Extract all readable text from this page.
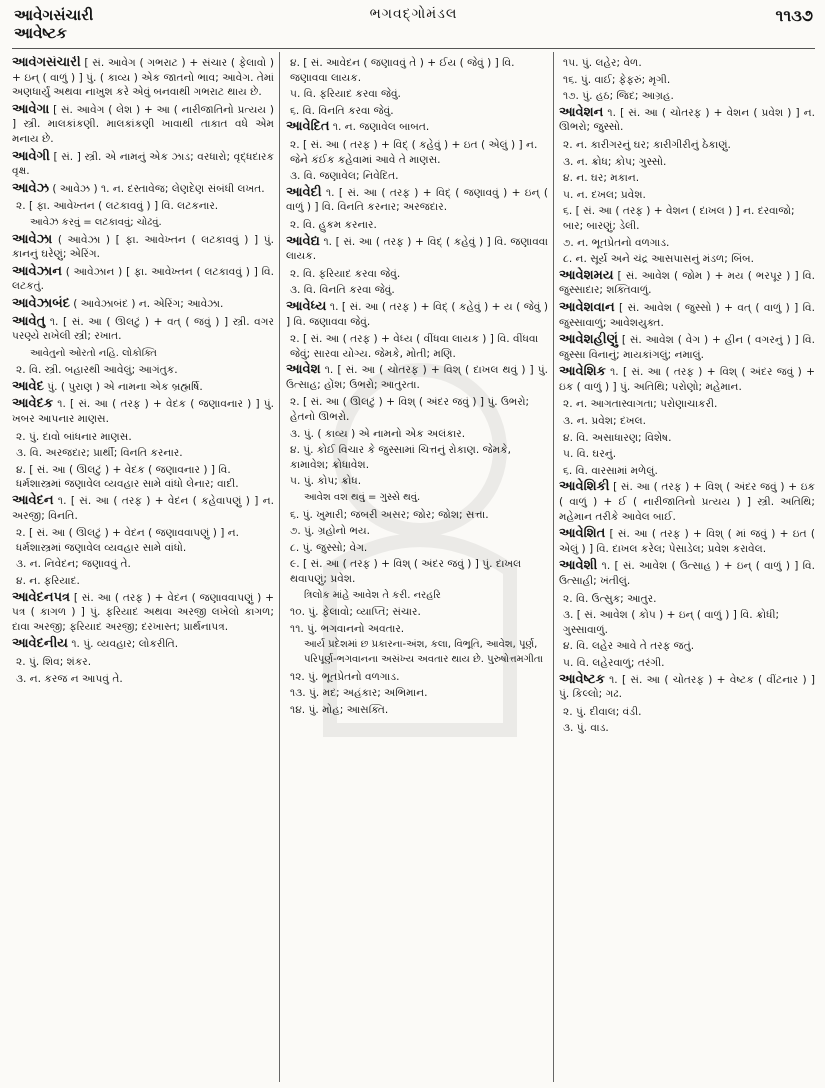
આવેગસંચારી
આવેષ્ટક
ભગવદ્ગોમંડલ	૧૧૩૭
આવેગસંચારી [ સં. આવેગ ( ગભરાટ ) + સંચાર ( ફેલાવો ) + ઇન્ ( વાળું ) ] પું. ( કાવ્ય ) એક જાતનો ભાવ; આવેગ. તેમાં અણધાર્યું અથવા નાખુશ કરે એવું બનવાથી ગભરાટ થાય છે.
આવેગા [ સં. આવેગ ( લેશ ) + આ ( નારીજાતિનો પ્રત્યય ) ] સ્ત્રી. માલકાંકણી. માલકાંકણી ખાવાથી તાકાત વધે એમ મનાય છે.
આવેગી [ સં. ] સ્ત્રી. એ નામનું એક ઝાડ; વરધારો; વૃદ્ધદારક વૃક્ષ.
આવેઝ ( આવેઝ ) ૧. ન. દસ્તાવેજ; લેણદેણ સંબંધી લખત.
૨. [ ફા. આવેખ્તન ( લટકાવવું ) ] વિ. લટકનાર.
આવેઝ કરવું = લટકાવવું; ચોઢવું.
આવેઝા ( આવેઝા ) [ ફા. આવેખ્તન ( લટકાવવું ) ] પું. કાનનું ઘરેણું; એરિંગ.
આવેઝાન ( આવેઝાન ) [ ફા. આવેખ્તન ( લટકાવવું ) ] વિ. લટકતું.
આવેઝાબંદ ( આવેઝાબંદ ) ન. એરિંગ; આવેઝા.
આવેતુ ૧. [ સં. આ ( ઊલટું ) + વત્ ( જવું ) ] સ્ત્રી. વગર પરણ્યે રાખેલી સ્ત્રી; રખાત.
આવેતુનો ઓરતો નહિ. લોકોક્તિ
૨. વિ. સ્ત્રી. બહારથી આવેલું; આગંતુક.
આવેદ પું. ( પુરાણ ) એ નામના એક બ્રહ્મર્ષિ.
આવેદક ૧. [ સં. આ ( તરફ ) + વેદક ( જણાવનાર ) ] પું. ખબર આપનાર માણસ.
૨. પું. દાવો બાંધનાર માણસ.
૩. વિ. અરજદાર; પ્રાર્થી; વિનતિ કરનાર.
૪. [ સં. આ ( ઊલટું ) + વેદક ( જણાવનાર ) ] વિ. ધર્મશાસ્ત્રમાં જણાવેલ વ્યવહાર સામે વાંધો લેનાર; વાદી.
આવેદન ૧. [ સં. આ ( તરફ ) + વેદન ( કહેવાપણું ) ] ન. અરજી; વિનતિ.
૨. [ સં. આ ( ઊલટું ) + વેદન ( જણાવવાપણું ) ] ન. ધર્મશાસ્ત્રમાં જણાવેલ વ્યવહાર સામે વાંધો.
૩. ન. નિવેદન; જણાવવું તે.
૪. ન. ફરિયાદ.
આવેદનપત્ર [ સં. આ ( તરફ ) + વેદન ( જણાવવાપણું ) + પત્ર ( કાગળ ) ] પું. ફરિયાદ અથવા અરજી લખેલો કાગળ; દાવા અરજી; ફરિયાદ અરજી; દરખાસ્ત; પ્રાર્થનાપત્ર.
આવેદનીય ૧. પું. વ્યવહાર; લોકરીતિ.
૨. પું. શિવ; શંકર.
૩. ન. કરજ ન આપવું તે.
૪. [ સં. આવેદન ( જણાવવું તે ) + ઈય ( જેવું ) ] વિ. જણાવવા લાયક.
૫. વિ. ફરિયાદ કરવા જેવું.
૬. વિ. વિનતિ કરવા જેવું.
આવેદિત ૧. ન. જણાવેલ બાબત.
૨. [ સં. આ ( તરફ ) + વિદ્ ( કહેવું ) + ઇત ( એલું ) ] ન. જેને કંઈક કહેવામાં આવે તે માણસ.
૩. વિ. જણાવેલ; નિવેદિત.
આવેદી ૧. [ સં. આ ( તરફ ) + વિદ્ ( જણાવવું ) + ઇન્ ( વાળું ) ] વિ. વિનતિ કરનાર; અરજદાર.
૨. વિ. હુકમ કરનાર.
આવેદ્ય ૧. [ સં. આ ( તરફ ) + વિદ્ ( કહેવું ) ] વિ. જણાવવા લાયક.
૨. વિ. ફરિયાદ કરવા જેવું.
૩. વિ. વિનતિ કરવા જેવું.
આવેધ્ય ૧. [ સં. આ ( તરફ ) + વિદ્ ( કહેવું ) + ય ( જેવું ) ] વિ. જણાવવા જેવું.
૨. [ સં. આ ( તરફ ) + વેધ્ય ( વીંધવા લાયક ) ] વિ. વીંધવા જેવું; સારવા યોગ્ય. જેમકે, મોતી; મણિ.
આવેશ ૧. [ સં. આ ( ચોતરફ ) + વિશ્ ( દાખલ થવું ) ] પું. ઉત્સાહ; હોંશ; ઉભરો; આતુરતા.
૨. [ સં. આ ( ઊલટું ) + વિશ્ ( અંદર જવું ) ] પું. ઉભરો; હેતનો ઊભરો.
૩. પું. ( કાવ્ય ) એ નામનો એક અલંકાર.
૪. પું. કોઈ વિચાર કે જુસ્સામાં ચિત્તનું રોકાણ. જેમકે, કામાવેશ; ક્રોધાવેશ.
૫. પું. કોપ; ક્રોધ.
આવેશ વશ થવું = ગુસ્સે થવું.
૬. પું. ખુમારી; જબરી અસર; જોર; જોશ; સત્તા.
૭. પું. ગ્રહોનો ભય.
૮. પું. જુસ્સો; વેગ.
૯. [ સં. આ ( તરફ ) + વિશ્ ( અંદર જવું ) ] પું. દાખલ થવાપણું; પ્રવેશ.
ત્રિલોક માંહે આવેશ તે કરી. નરહરિ
૧૦. પું. ફેલાવો; વ્યાપ્તિ; સંચાર.
૧૧. પું. ભગવાનનો અવતાર.
આર્ય પ્રદેશમાં છ પ્રકારના-અંશ, કલા, વિભૂતિ, આવેશ, પૂર્ણ, પરિપૂર્ણ-ભગવાનના અસંખ્ય અવતાર થાય છે. પુરુષોત્તમગીતા
૧૨. પું. ભૂતપ્રેતનો વળગાડ.
૧૩. પું. મદ; અહંકાર; અભિમાન.
૧૪. પું. મોહ; આસક્તિ.
૧૫. પું. લહેર; વેળ.
૧૬. પું. વાઈ; ફેફરું; મૃગી.
૧૭. પું. હઠ; જિદ; આગ્રહ.
આવેશન ૧. [ સં. આ ( ચોતરફ ) + વેશન ( પ્રવેશ ) ] ન. ઊભરો; જુસ્સો.
૨. ન. કારીગરનું ઘર; કારીગીરીનું ઠેકાણું.
૩. ન. ક્રોધ; કોપ; ગુસ્સો.
૪. ન. ઘર; મકાન.
૫. ન. દખલ; પ્રવેશ.
૬. [ સં. આ ( તરફ ) + વેશન ( દાખલ ) ] ન. દરવાજો; બાર; બારણું; ડેલી.
૭. ન. ભૂતપ્રેતનો વળગાડ.
૮. ન. સૂર્ય અને ચંદ્ર આસપાસનું મંડળ; બિંબ.
આવેશમય [ સં. આવેશ ( જોમ ) + મય ( ભરપૂર ) ] વિ. જુસ્સાદાર; શક્તિવાળું.
આવેશવાન [ સં. આવેશ ( જુસ્સો ) + વત્ ( વાળું ) ] વિ. જુસ્સાવાળું; આવેશયુક્ત.
આવેશહીણું [ સં. આવેશ ( વેગ ) + હીન ( વગરનું ) ] વિ. જુસ્સા વિનાનું; માયકાંગલું; નમાલું.
આવેશિક ૧. [ સં. આ ( તરફ ) + વિશ્ ( અંદર જવું ) + ઇક ( વાળું ) ] પું. અતિથિ; પરોણો; મહેમાન.
૨. ન. આગતાસ્વાગતા; પરોણાચાકરી.
૩. ન. પ્રવેશ; દખલ.
૪. વિ. અસાધારણ; વિશેષ.
૫. વિ. ઘરનું.
૬. વિ. વારસામાં મળેલું.
આવેશિકી [ સં. આ ( તરફ ) + વિશ્ ( અંદર જવું ) + ઇક ( વાળું ) + ઈ ( નારીજાતિનો પ્રત્યય ) ] સ્ત્રી. અતિથિ; મહેમાન તરીકે આવેલ બાઈ.
આવેશિત [ સં. આ ( તરફ ) + વિશ્ ( માં જવું ) + ઇત ( એલું ) ] વિ. દાખલ કરેલ; પેસાડેલ; પ્રવેશ કરાવેલ.
આવેશી ૧. [ સં. આવેશ ( ઉત્સાહ ) + ઇન્ ( વાળું ) ] વિ. ઉત્સાહી; ખંતીલું.
૨. વિ. ઉત્સુક; આતુર.
૩. [ સં. આવેશ ( કોપ ) + ઇન્ ( વાળું ) ] વિ. ક્રોધી; ગુસ્સાવાળું.
૪. વિ. લહેર આવે તે તરફ જતું.
૫. વિ. લહેરવાળું; તરંગી.
આવેષ્ટક ૧. [ સં. આ ( ચોતરફ ) + વેષ્ટક ( વીંટનાર ) ] પું. કિલ્લો; ગઢ.
૨. પું. દીવાલ; વંડી.
૩. પું. વાડ.
